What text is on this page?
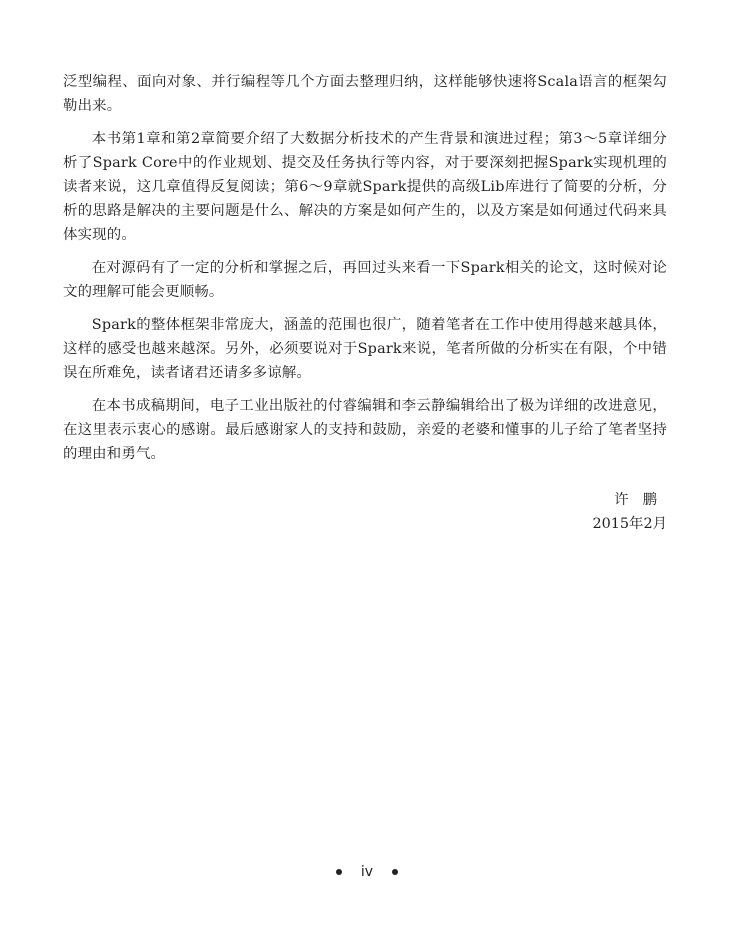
泛型编程、面向对象、并行编程等几个方面去整理归纳，这样能够快速将Scala语言的框架勾勒出来。

本书第1章和第2章简要介绍了大数据分析技术的产生背景和演进过程；第3～5章详细分析了Spark Core中的作业规划、提交及任务执行等内容，对于要深刻把握Spark实现机理的读者来说，这几章值得反复阅读；第6～9章就Spark提供的高级Lib库进行了简要的分析，分析的思路是解决的主要问题是什么、解决的方案是如何产生的，以及方案是如何通过代码来具体实现的。

在对源码有了一定的分析和掌握之后，再回过头来看一下Spark相关的论文，这时候对论文的理解可能会更顺畅。

Spark的整体框架非常庞大，涵盖的范围也很广，随着笔者在工作中使用得越来越具体，这样的感受也越来越深。另外，必须要说对于Spark来说，笔者所做的分析实在有限，个中错误在所难免，读者诸君还请多多谅解。

在本书成稿期间，电子工业出版社的付睿编辑和李云静编辑给出了极为详细的改进意见，在这里表示衷心的感谢。最后感谢家人的支持和鼓励，亲爱的老婆和懂事的儿子给了笔者坚持的理由和勇气。

许鹏
2015年2月
iv
